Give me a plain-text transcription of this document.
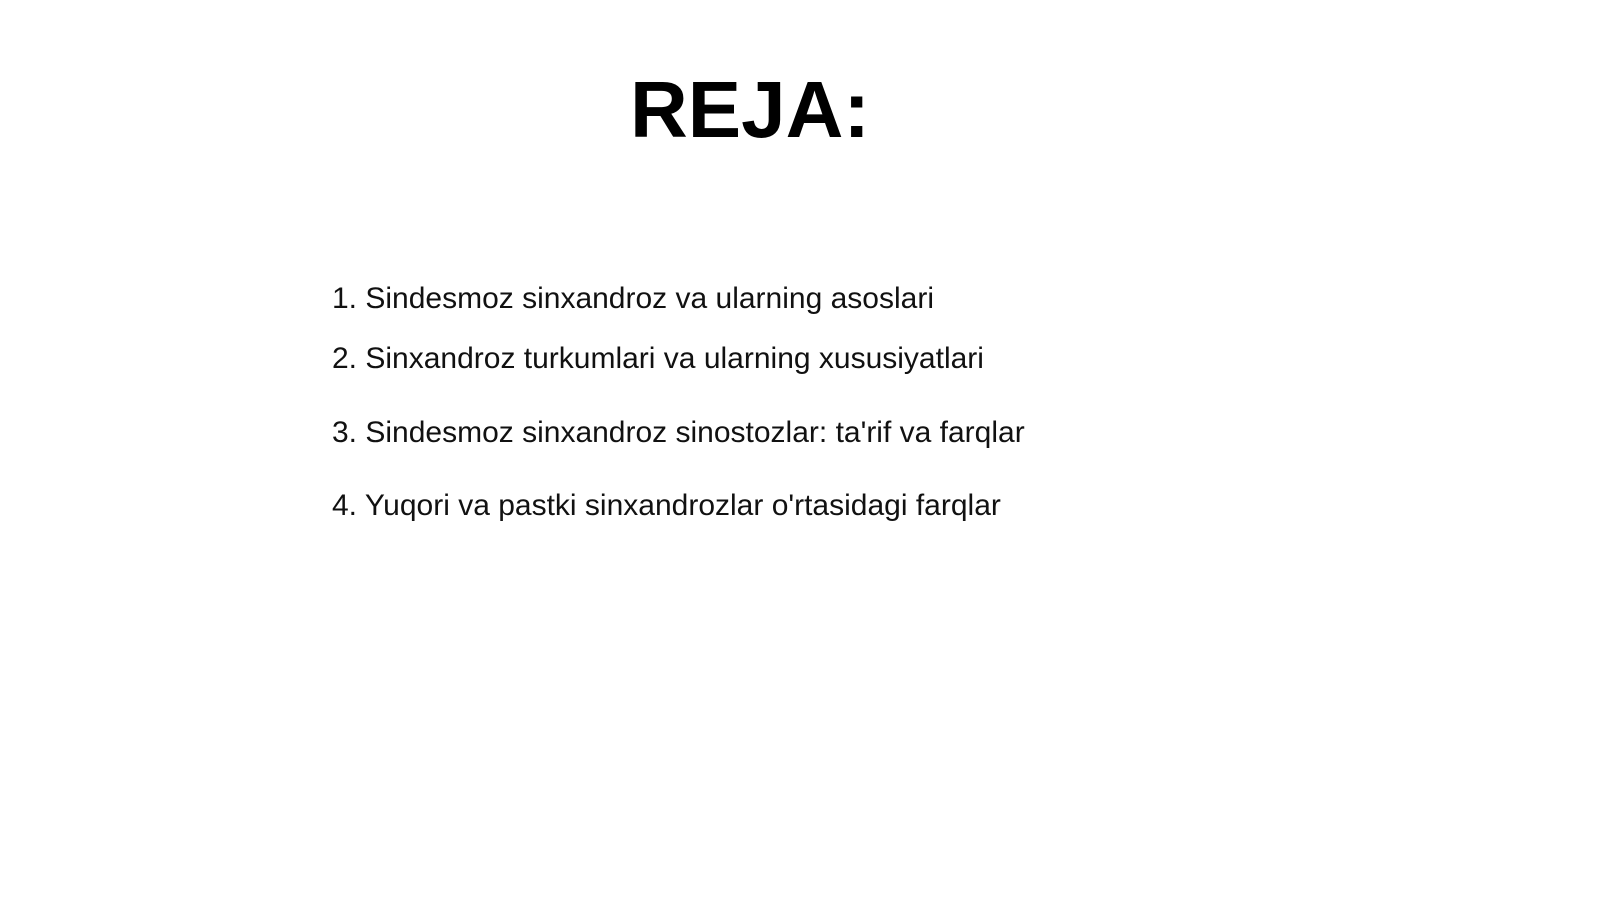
REJA:
1. Sindesmoz sinxandroz va ularning asoslari
2. Sinxandroz turkumlari va ularning xususiyatlari
3. Sindesmoz sinxandroz sinostozlar: ta'rif va farqlar
4. Yuqori va pastki sinxandrozlar o'rtasidagi farqlar
